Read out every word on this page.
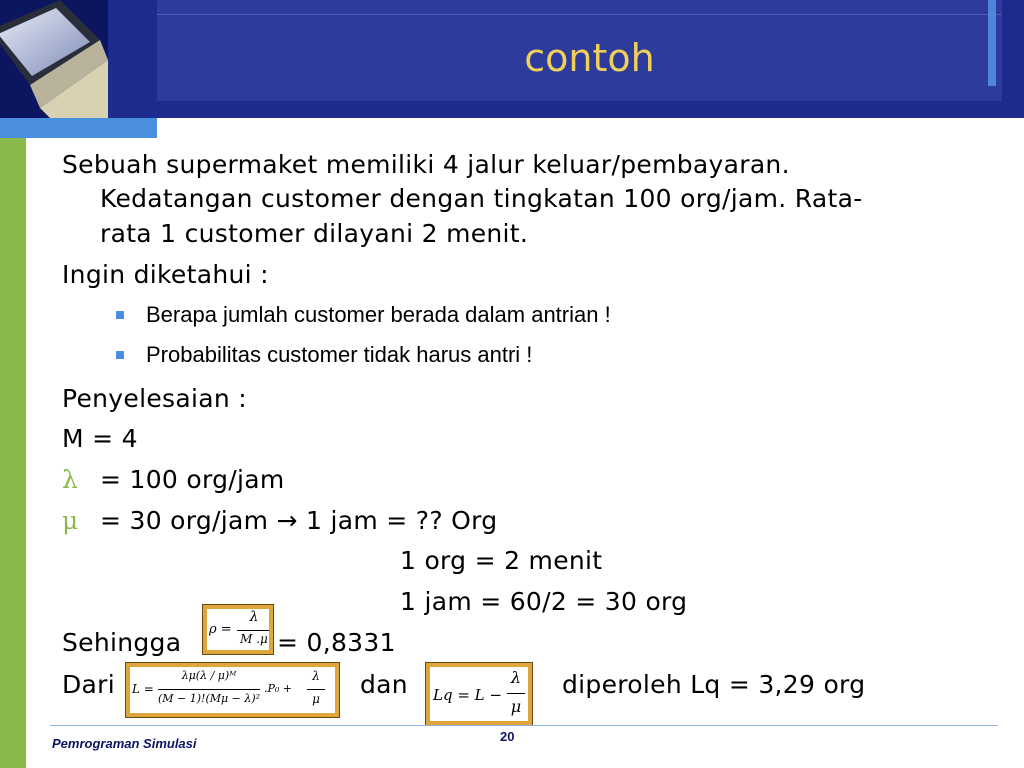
contoh
Sebuah supermaket memiliki 4 jalur keluar/pembayaran.
Kedatangan customer dengan tingkatan 100 org/jam. Rata-
rata 1 customer dilayani 2 menit.
Ingin diketahui :
Berapa jumlah customer berada dalam antrian !
Probabilitas customer tidak harus antri !
Penyelesaian :
M = 4
λ = 100 org/jam
μ = 30 org/jam → 1 jam = ?? Org
1 org = 2 menit
1 jam = 60/2 = 30 org
Sehingga ρ =
λ
M .μ = 0,8331
Dari L =
λμ(λ / μ)ᴹ
(M − 1)!(Mμ − λ)²
.P₀ +
λ
μ dan Lq = L −
λ
μ
diperoleh Lq = 3,29 org
Pemrograman Simulasi	20
